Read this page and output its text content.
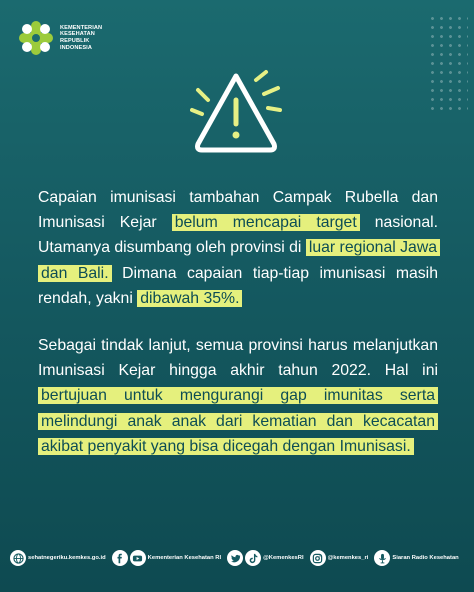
KEMENTERIAN
KESEHATAN
REPUBLIK
INDONESIA

Capaian imunisasi tambahan Campak Rubella dan Imunisasi Kejar belum mencapai target nasional. Utamanya disumbang oleh provinsi di luar regional Jawa dan Bali. Dimana capaian tiap-tiap imunisasi masih rendah, yakni dibawah 35%.

Sebagai tindak lanjut, semua provinsi harus melanjutkan Imunisasi Kejar hingga akhir tahun 2022. Hal ini bertujuan untuk mengurangi gap imunitas serta melindungi anak anak dari kematian dan kecacatan akibat penyakit yang bisa dicegah dengan Imunisasi.

sehatnegeriku.kemkes.go.id	Kementerian Kesehatan RI	@KemenkesRI	@kemenkes_ri	Siaran Radio Kesehatan
